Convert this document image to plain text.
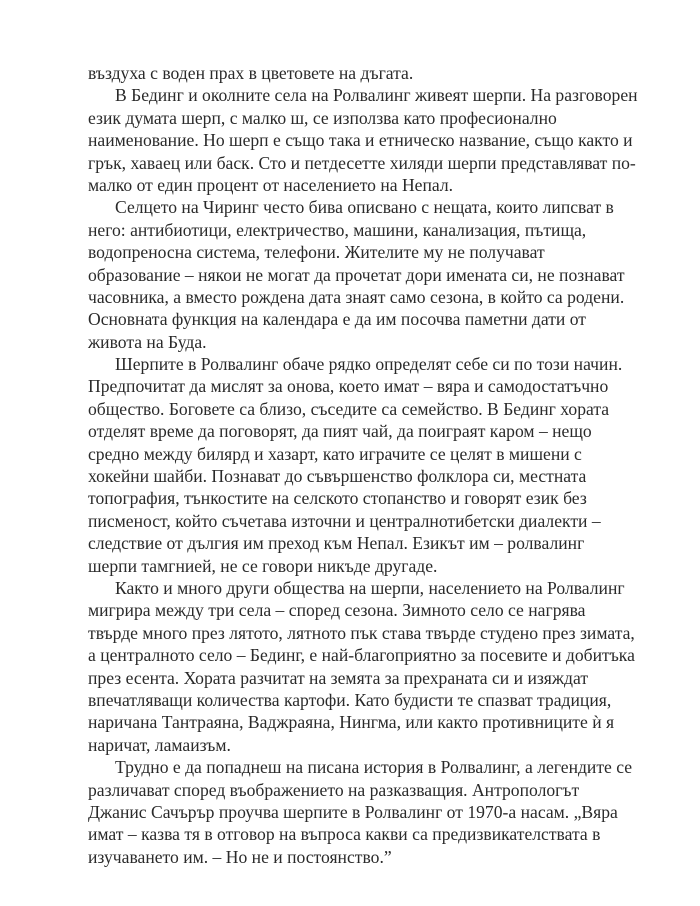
въздуха с воден прах в цветовете на дъгата.
В Бединг и околните села на Ролвалинг живеят шерпи. На разговорен
език думата шерп, с малко ш, се използва като професионално
наименование. Но шерп е също така и етническо название, също както и
грък, хавaец или баск. Сто и петдесетте хиляди шерпи представляват по-
малко от един процент от населението на Непал.
Селцето на Чиринг често бива описвано с нещата, които липсват в
него: антибиотици, електричество, машини, канализация, пътища,
водопреносна система, телефони. Жителите му не получават
образование – някои не могат да прочетат дори имената си, не познават
часовника, а вместо рождена дата знаят само сезона, в който са родени.
Основната функция на календара е да им посочва паметни дати от
живота на Буда.
Шерпите в Ролвалинг обаче рядко определят себе си по този начин.
Предпочитат да мислят за онова, което имат – вяра и самодостатъчно
общество. Боговете са близо, съседите са семейство. В Бединг хората
отделят време да поговорят, да пият чай, да поиграят кaром – нещо
средно между билярд и хазарт, като играчите се целят в мишени с
хокейни шайби. Познават до съвършенство фолклора си, местната
топография, тънкостите на селското стопанство и говорят език без
писменост, който съчетава източни и централнотибетски диалекти –
следствие от дългия им преход към Непал. Езикът им – ролвалинг
шерпи тамгнией, не се говори никъде другаде.
Както и много други общества на шерпи, населението на Ролвалинг
мигрира между три села – според сезона. Зимното село се нагрява
твърде много през лятото, лятното пък става твърде студено през зимата,
а централното село – Бединг, е най-благоприятно за посевите и добитъка
през есента. Хората разчитат на земята за прехраната си и изяждат
впечатляващи количества картофи. Като будисти те спазват традиция,
наричана Тантраяна, Ваджраяна, Нингма, или както противниците ѝ я
наричат, ламаизъм.
Трудно е да попаднеш на писана история в Ролвалинг, а легендите се
различават според въображението на разказващия. Антропологът
Джанис Сачърър проучва шерпите в Ролвалинг от 1970-а насам. „Вяра
имат – казва тя в отговор на въпроса какви са предизвикателствата в
изучаването им. – Но не и постоянство.”
